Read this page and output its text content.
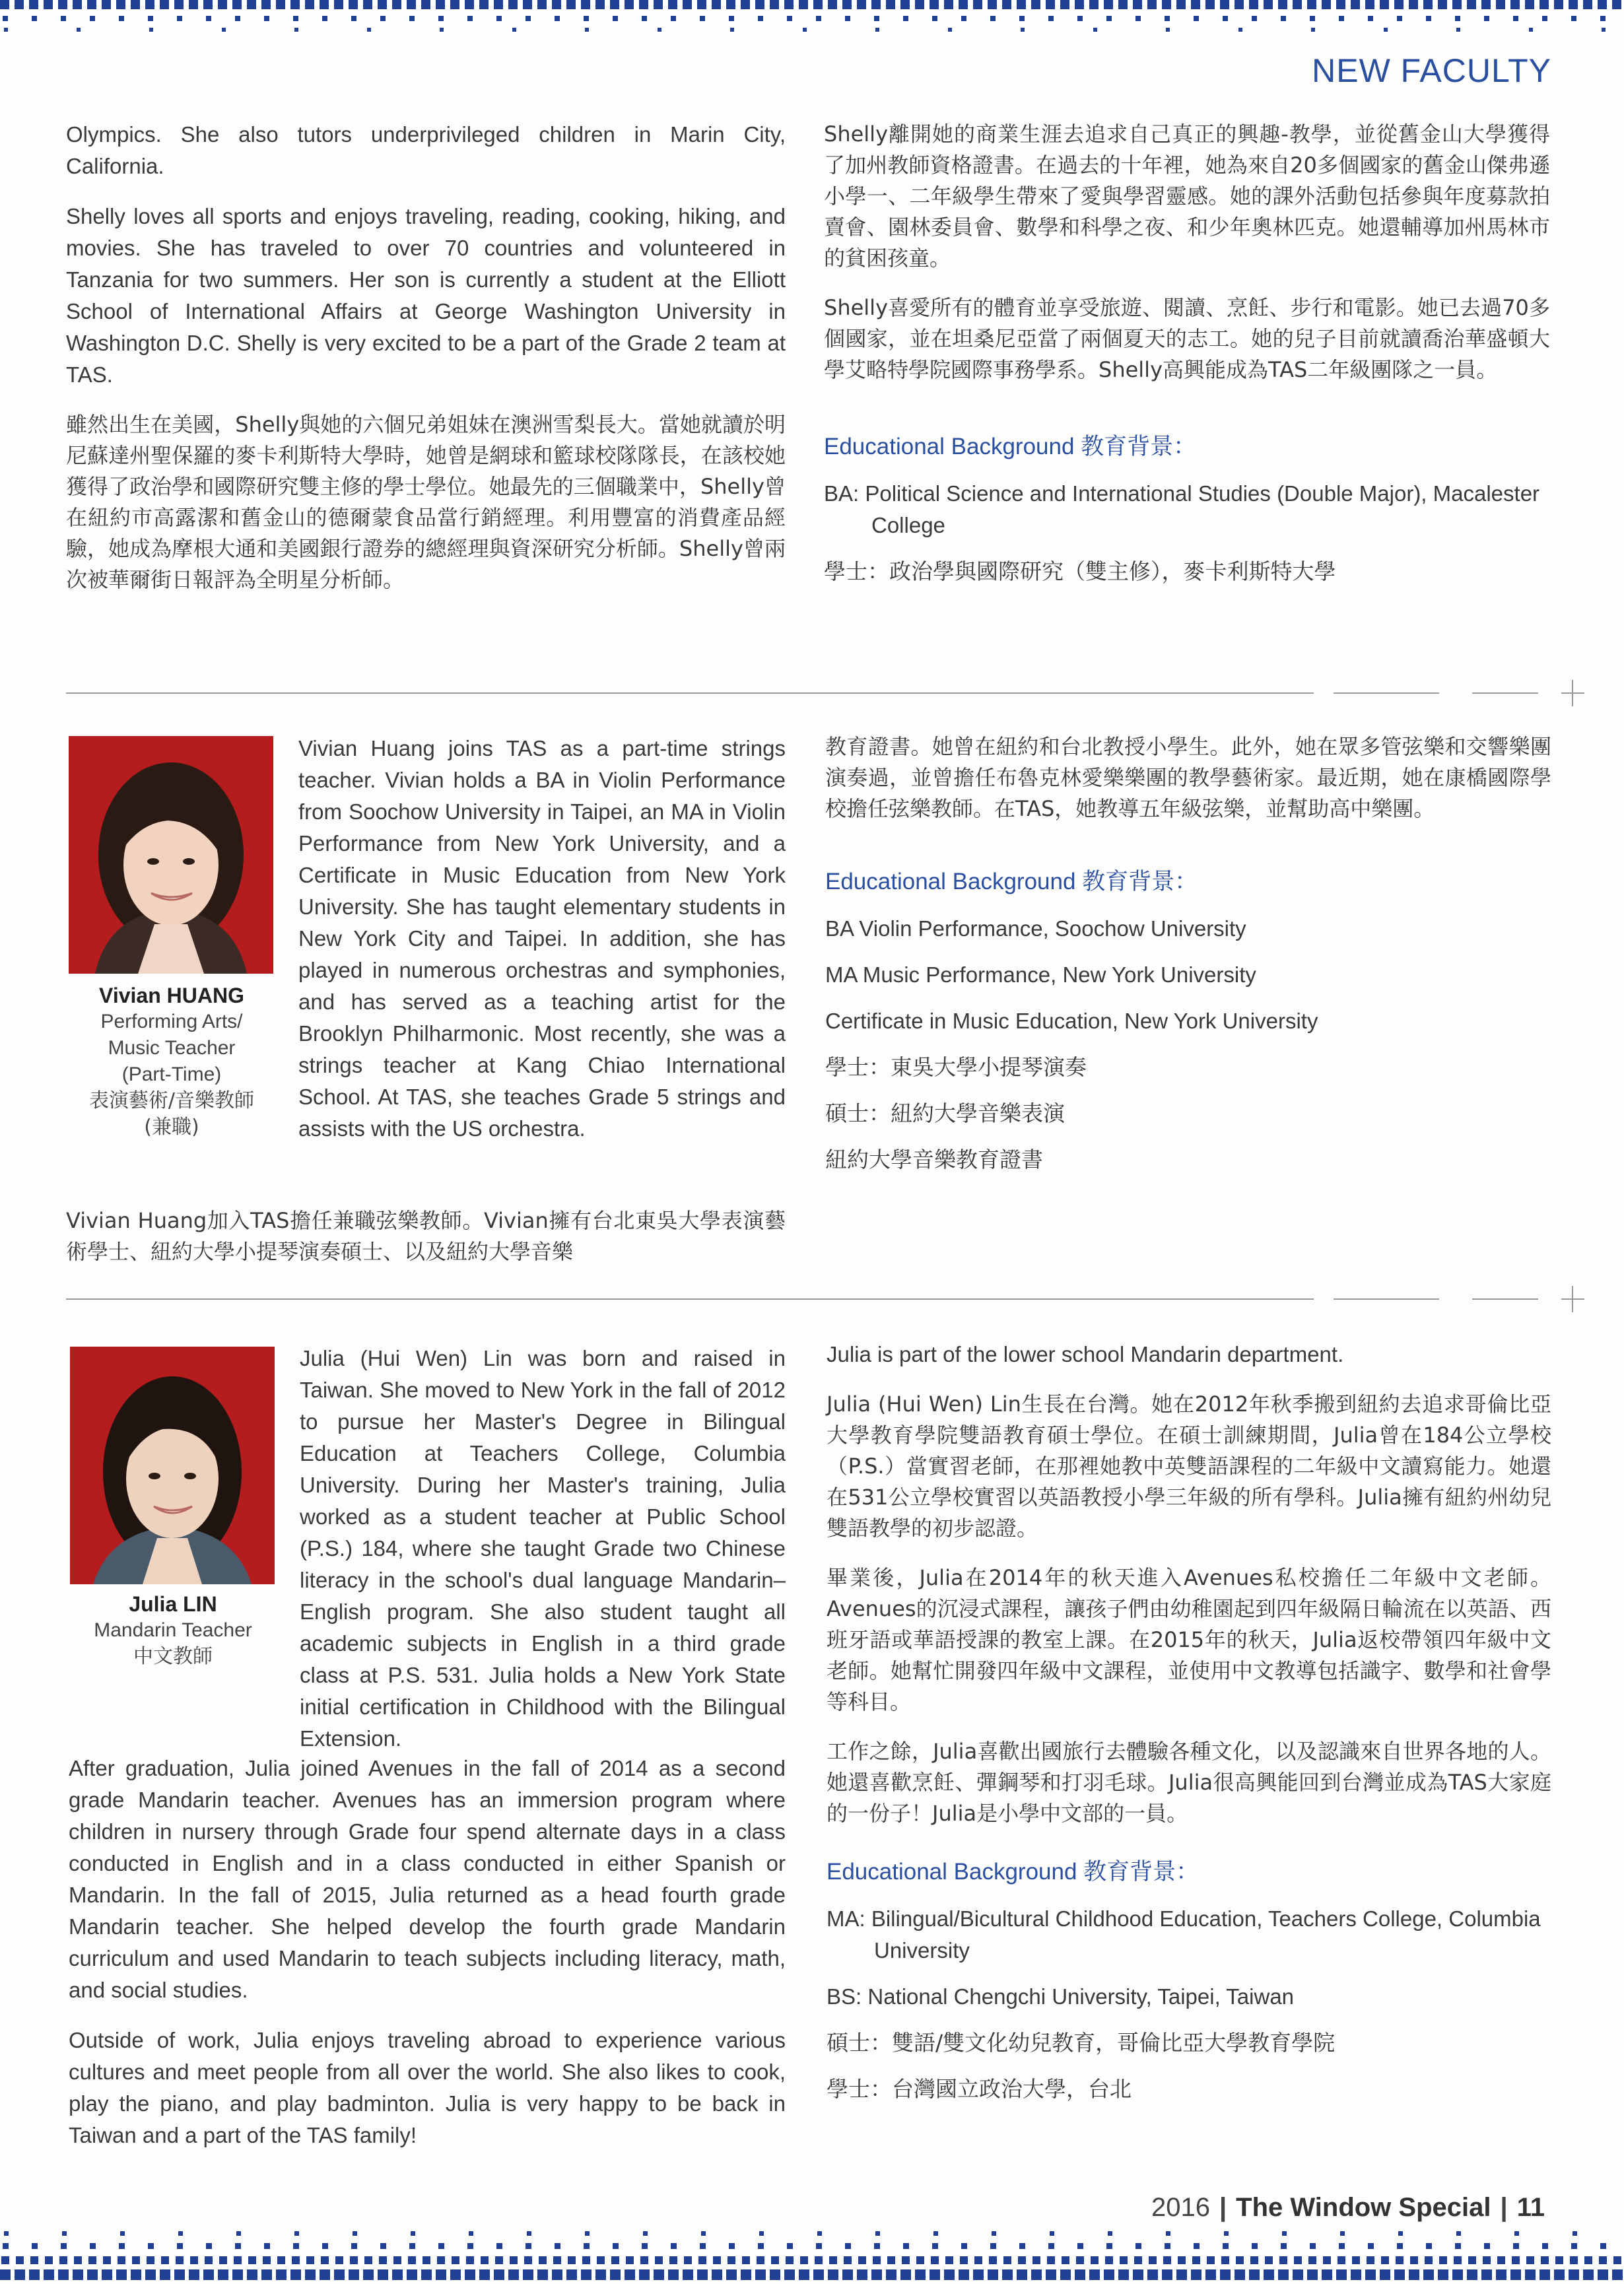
NEW FACULTY

Olympics. She also tutors underprivileged children in Marin City, California.

Shelly loves all sports and enjoys traveling, reading, cooking, hiking, and movies. She has traveled to over 70 countries and volunteered in Tanzania for two summers. Her son is currently a student at the Elliott School of International Affairs at George Washington University in Washington D.C. Shelly is very excited to be a part of the Grade 2 team at TAS.

雖然出生在美國，Shelly與她的六個兄弟姐妹在澳洲雪梨長大。當她就讀於明尼蘇達州聖保羅的麥卡利斯特大學時，她曾是網球和籃球校隊隊長，在該校她獲得了政治學和國際研究雙主修的學士學位。她最先的三個職業中，Shelly曾在紐約市高露潔和舊金山的德爾蒙食品當行銷經理。利用豐富的消費產品經驗，她成為摩根大通和美國銀行證券的總經理與資深研究分析師。Shelly曾兩次被華爾街日報評為全明星分析師。

Shelly離開她的商業生涯去追求自己真正的興趣-教學，並從舊金山大學獲得了加州教師資格證書。在過去的十年裡，她為來自20多個國家的舊金山傑弗遜小學一、二年級學生帶來了愛與學習靈感。她的課外活動包括參與年度募款拍賣會、園林委員會、數學和科學之夜、和少年奧林匹克。她還輔導加州馬林市的貧困孩童。

Shelly喜愛所有的體育並享受旅遊、閱讀、烹飪、步行和電影。她已去過70多個國家，並在坦桑尼亞當了兩個夏天的志工。她的兒子目前就讀喬治華盛頓大學艾略特學院國際事務學系。Shelly高興能成為TAS二年級團隊之一員。

Educational Background 教育背景：
BA: Political Science and International Studies (Double Major), Macalester College
學士：政治學與國際研究（雙主修），麥卡利斯特大學
Vivian HUANG
Performing Arts/
Music Teacher
(Part-Time)
表演藝術/音樂教師
(兼職)

Vivian Huang joins TAS as a part-time strings teacher. Vivian holds a BA in Violin Performance from Soochow University in Taipei, an MA in Violin Performance from New York University, and a Certificate in Music Education from New York University. She has taught elementary students in New York City and Taipei. In addition, she has played in numerous orchestras and symphonies, and has served as a teaching artist for the Brooklyn Philharmonic. Most recently, she was a strings teacher at Kang Chiao International School. At TAS, she teaches Grade 5 strings and assists with the US orchestra.

Vivian Huang加入TAS擔任兼職弦樂教師。Vivian擁有台北東吳大學表演藝術學士、紐約大學小提琴演奏碩士、以及紐約大學音樂

教育證書。她曾在紐約和台北教授小學生。此外，她在眾多管弦樂和交響樂團演奏過，並曾擔任布魯克林愛樂樂團的教學藝術家。最近期，她在康橋國際學校擔任弦樂教師。在TAS，她教導五年級弦樂，並幫助高中樂團。

Educational Background 教育背景：
BA Violin Performance, Soochow University
MA Music Performance, New York University
Certificate in Music Education, New York University
學士：東吳大學小提琴演奏
碩士：紐約大學音樂表演
紐約大學音樂教育證書
Julia LIN
Mandarin Teacher
中文教師

Julia (Hui Wen) Lin was born and raised in Taiwan. She moved to New York in the fall of 2012 to pursue her Master's Degree in Bilingual Education at Teachers College, Columbia University. During her Master's training, Julia worked as a student teacher at Public School (P.S.) 184, where she taught Grade two Chinese literacy in the school's dual language Mandarin–English program. She also student taught all academic subjects in English in a third grade class at P.S. 531. Julia holds a New York State initial certification in Childhood with the Bilingual Extension.

After graduation, Julia joined Avenues in the fall of 2014 as a second grade Mandarin teacher. Avenues has an immersion program where children in nursery through Grade four spend alternate days in a class conducted in English and in a class conducted in either Spanish or Mandarin. In the fall of 2015, Julia returned as a head fourth grade Mandarin teacher. She helped develop the fourth grade Mandarin curriculum and used Mandarin to teach subjects including literacy, math, and social studies.

Outside of work, Julia enjoys traveling abroad to experience various cultures and meet people from all over the world. She also likes to cook, play the piano, and play badminton. Julia is very happy to be back in Taiwan and a part of the TAS family!

Julia is part of the lower school Mandarin department.

Julia (Hui Wen) Lin生長在台灣。她在2012年秋季搬到紐約去追求哥倫比亞大學教育學院雙語教育碩士學位。在碩士訓練期間，Julia曾在184公立學校（P.S.）當實習老師，在那裡她教中英雙語課程的二年級中文讀寫能力。她還在531公立學校實習以英語教授小學三年級的所有學科。Julia擁有紐約州幼兒雙語教學的初步認證。

畢業後，Julia在2014年的秋天進入Avenues私校擔任二年級中文老師。Avenues的沉浸式課程，讓孩子們由幼稚園起到四年級隔日輪流在以英語、西班牙語或華語授課的教室上課。在2015年的秋天，Julia返校帶領四年級中文老師。她幫忙開發四年級中文課程，並使用中文教導包括識字、數學和社會學等科目。

工作之餘，Julia喜歡出國旅行去體驗各種文化，以及認識來自世界各地的人。她還喜歡烹飪、彈鋼琴和打羽毛球。Julia很高興能回到台灣並成為TAS大家庭的一份子！Julia是小學中文部的一員。

Educational Background 教育背景：
MA: Bilingual/Bicultural Childhood Education, Teachers College, Columbia University
BS: National Chengchi University, Taipei, Taiwan
碩士：雙語/雙文化幼兒教育，哥倫比亞大學教育學院
學士：台灣國立政治大學，台北
2016 | The Window Special | 11
